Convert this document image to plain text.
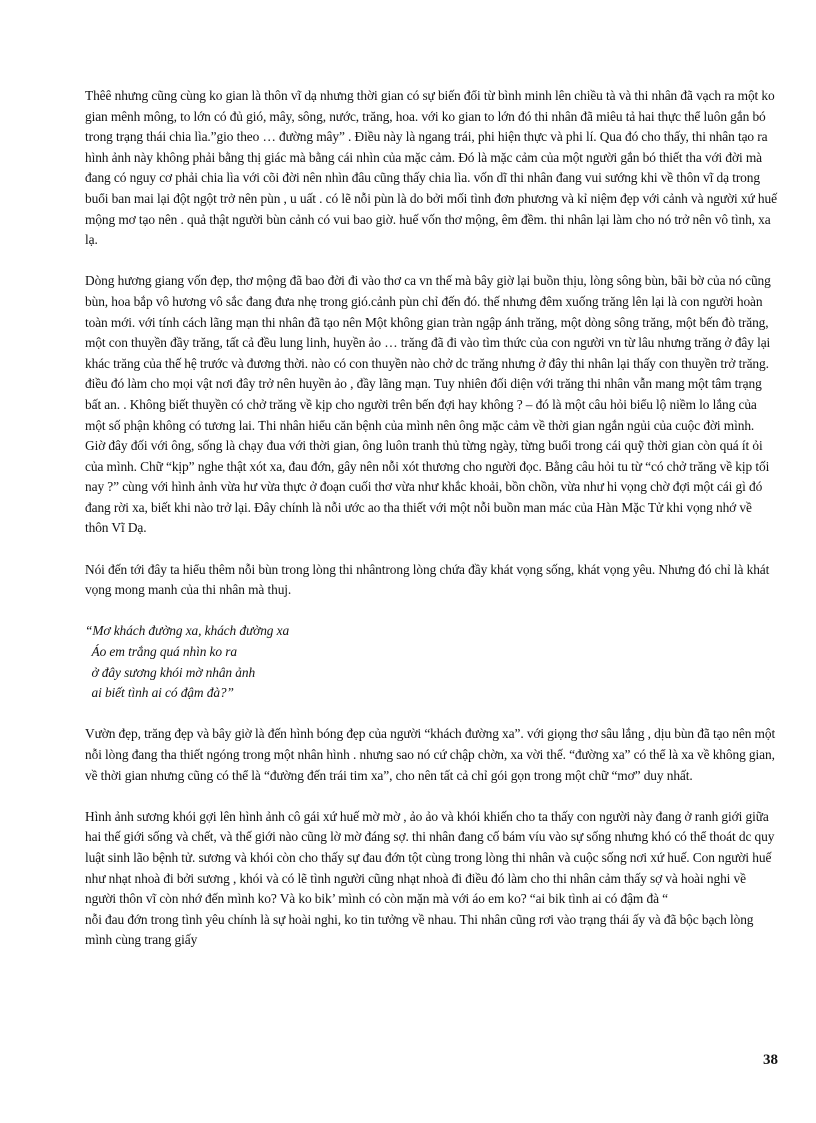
Thêê nhưng cũng cùng ko gian là thôn vĩ dạ nhưng thời gian có sự biến đổi từ bình minh lên chiều tà và thi nhân đã vạch ra một ko gian mênh mông, to lớn có đủ gió, mây, sông, nước, trăng, hoa. với ko gian to lớn đó thi nhân đã miêu tả hai thực thể luôn gắn bó trong trạng thái chia lìa.”gio theo … đường mây” . Điều này là ngang trái, phi hiện thực và phi lí. Qua đó cho thấy, thi nhân tạo ra hình ảnh này không phải bằng thị giác mà bằng cái nhìn của mặc cảm. Đó là mặc cảm của một người gắn bó thiết tha với đời mà đang có nguy cơ phải chia lìa với cõi đời nên nhìn đâu cũng thấy chia lìa. vốn dĩ thi nhân đang vui sướng khi về thôn vĩ dạ trong buổi ban mai lại đột ngột trở nên pùn , u uất . có lẽ nỗi pùn là do bởi mối tình đơn phương và kỉ niệm đẹp với cảnh và người xứ huế mộng mơ tạo nên . quả thật người bùn cảnh có vui bao giờ. huế vốn thơ mộng, êm đềm. thi nhân lại làm cho nó trở nên vô tình, xa lạ.

Dòng hương giang vốn đẹp, thơ mộng đã bao đời đi vào thơ ca vn thế mà bây giờ lại buồn thịu, lòng sông bùn, bãi bờ của nó cũng bùn, hoa bắp vô hương vô sắc đang đưa nhẹ trong gió.cảnh pùn chỉ đến đó. thế nhưng đêm xuống trăng lên lại là con người hoàn toàn mới. với tính cách lãng mạn thi nhân đã tạo nên Một không gian tràn ngập ánh trăng, một dòng sông trăng, một bến đò trăng, một con thuyền đầy trăng, tất cả đều lung linh, huyền ảo … trăng đã đi vào tìm thức của con người vn từ lâu nhưng trăng ở đây lại khác trăng của thế hệ trước và đương thời. nào có con thuyền nào chở dc trăng nhưng ở đây thi nhân lại thấy con thuyền trở trăng. điều đó làm cho mọi vật nơi đây trở nên huyền ảo , đầy lãng mạn. Tuy nhiên đối diện với trăng thi nhân vẫn mang một tâm trạng bất an. . Không biết thuyền có chở trăng về kịp cho người trên bến đợi hay không ? – đó là một câu hỏi biểu lộ niềm lo lắng của một số phận không có tương lai. Thi nhân hiểu căn bệnh của mình nên ông mặc cảm về thời gian ngắn ngủi của cuộc đời mình. Giờ đây đối với ông, sống là chạy đua với thời gian, ông luôn tranh thủ từng ngày, từng buổi trong cái quỹ thời gian còn quá ít ỏi của mình. Chữ “kịp” nghe thật xót xa, đau đớn, gây nên nỗi xót thương cho người đọc. Bằng câu hỏi tu từ “có chở trăng về kịp tối nay ?” cùng với hình ảnh vừa hư vừa thực ở đoạn cuối thơ vừa như khắc khoải, bồn chồn, vừa như hi vọng chờ đợi một cái gì đó đang rời xa, biết khi nào trở lại. Đây chính là nỗi ước ao tha thiết với một nỗi buồn man mác của Hàn Mặc Tử khi vọng nhớ về thôn Vĩ Dạ.

Nói đến tới đây ta hiểu thêm nỗi bùn trong lòng thi nhântrong lòng chứa đầy khát vọng sống, khát vọng yêu. Nhưng đó chỉ là khát vọng mong manh của thi nhân mà thuj.

“Mơ khách đường xa, khách đường xa
Áo em trắng quá nhìn ko ra
ở đây sương khói mờ nhân ảnh
ai biết tình ai có đậm đà?”

Vườn đẹp, trăng đẹp và bây giờ là đến hình bóng đẹp của người “khách đường xa”. với giọng thơ sâu lắng , dịu bùn đã tạo nên một nỗi lòng đang tha thiết ngóng trong một nhân hình . nhưng sao nó cứ chập chờn, xa vời thế. “đường xa” có thể là xa về không gian, về thời gian nhưng cũng có thể là “đường đến trái tim xa”, cho nên tất cả chỉ gói gọn trong một chữ “mơ” duy nhất.

Hình ảnh sương khói gợi lên hình ảnh cô gái xứ huế mờ mờ , ảo ảo và khói khiến cho ta thấy con người này đang ở ranh giới giữa hai thế giới sống và chết, và thế giới nào cũng lờ mờ đáng sợ. thi nhân đang cố bám víu vào sự sống nhưng khó có thể thoát dc quy luật sinh lão bệnh tử. sương và khói còn cho thấy sự đau đớn tột cùng trong lòng thi nhân và cuộc sống nơi xứ huế. Con người huế như nhạt nhoà đi bởi sương , khói và có lẽ tình người cũng nhạt nhoà đi điều đó làm cho thi nhân cảm thấy sợ và hoài nghi về người thôn vĩ còn nhớ đến mình ko? Và ko bik’ mình có còn mặn mà với áo em ko? “ai bik tình ai có đậm đà “

nỗi đau đớn trong tình yêu chính là sự hoài nghi, ko tin tưởng về nhau. Thi nhân cũng rơi vào trạng thái ấy và đã bộc bạch lòng mình cùng trang giấy

38
